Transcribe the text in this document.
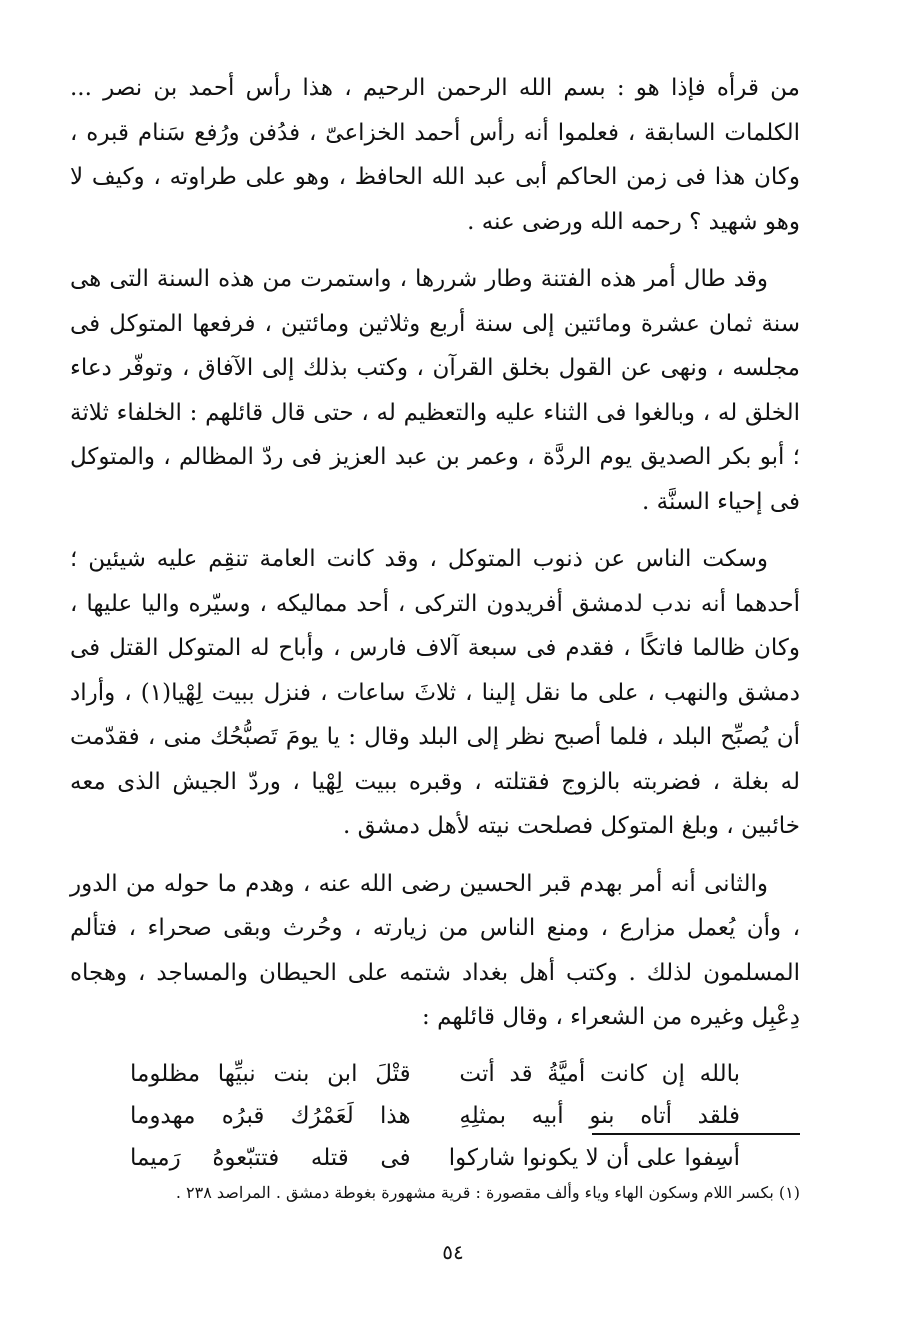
من قرأه فإذا هو : بسم الله الرحمن الرحيم ، هذا رأس أحمد بن نصر ... الكلمات السابقة ، فعلموا أنه رأس أحمد الخزاعىّ ، فدُفن ورُفع سَنام قبره ، وكان هذا فى زمن الحاكم أبى عبد الله الحافظ ، وهو على طراوته ، وكيف لا وهو شهيد ؟ رحمه الله ورضى عنه .

وقد طال أمر هذه الفتنة وطار شررها ، واستمرت من هذه السنة التى هى سنة ثمان عشرة ومائتين إلى سنة أربع وثلاثين ومائتين ، فرفعها المتوكل فى مجلسه ، ونهى عن القول بخلق القرآن ، وكتب بذلك إلى الآفاق ، وتوفّر دعاء الخلق له ، وبالغوا فى الثناء عليه والتعظيم له ، حتى قال قائلهم : الخلفاء ثلاثة ؛ أبو بكر الصديق يوم الردَّة ، وعمر بن عبد العزيز فى ردّ المظالم ، والمتوكل فى إحياء السنَّة .

وسكت الناس عن ذنوب المتوكل ، وقد كانت العامة تنقِم عليه شيئين ؛ أحدهما أنه ندب لدمشق أفريدون التركى ، أحد مماليكه ، وسيّره واليا عليها ، وكان ظالما فاتكًا ، فقدم فى سبعة آلاف فارس ، وأباح له المتوكل القتل فى دمشق والنهب ، على ما نقل إلينا ، ثلاثَ ساعات ، فنزل ببيت لِهْيا(١) ، وأراد أن يُصبِّح البلد ، فلما أصبح نظر إلى البلد وقال : يا يومَ تَصبُّحُك منى ، فقدّمت له بغلة ، فضربته بالزوج فقتلته ، وقبره ببيت لِهْيا ، وردّ الجيش الذى معه خائبين ، وبلغ المتوكل فصلحت نيته لأهل دمشق .

والثانى أنه أمر بهدم قبر الحسين رضى الله عنه ، وهدم ما حوله من الدور ، وأن يُعمل مزارع ، ومنع الناس من زيارته ، وحُرث وبقى صحراء ، فتألم المسلمون لذلك . وكتب أهل بغداد شتمه على الحيطان والمساجد ، وهجاه دِعْبِل وغيره من الشعراء ، وقال قائلهم :

بالله إن كانت أميَّةُ قد أتت
قتْلَ ابن بنت نبيِّها مظلوما
فلقد أتاه بنو أبيه بمثلِهِ
هذا لَعَمْرُك قبرُه مهدوما
أسِفوا على أن لا يكونوا شاركوا
فى قتله فتتبّعوهُ رَميما
(١) بكسر اللام وسكون الهاء وياء وألف مقصورة : قرية مشهورة بغوطة دمشق . المراصد ٢٣٨ .
٥٤
